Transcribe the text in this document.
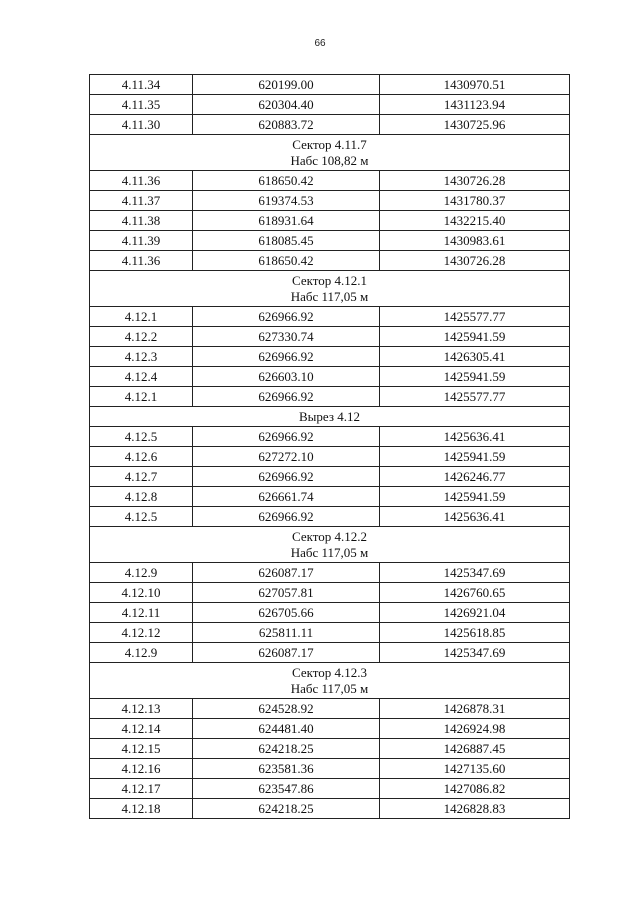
66
4.11.34	620199.00	1430970.51
4.11.35	620304.40	1431123.94
4.11.30	620883.72	1430725.96

Сектор 4.11.7
Набс 108,82 м		

4.11.36	618650.42	1430726.28
4.11.37	619374.53	1431780.37
4.11.38	618931.64	1432215.40
4.11.39	618085.45	1430983.61
4.11.36	618650.42	1430726.28

Сектор 4.12.1
Набс 117,05 м		

4.12.1	626966.92	1425577.77
4.12.2	627330.74	1425941.59
4.12.3	626966.92	1426305.41
4.12.4	626603.10	1425941.59
4.12.1	626966.92	1425577.77
Вырез 4.12		
4.12.5	626966.92	1425636.41
4.12.6	627272.10	1425941.59
4.12.7	626966.92	1426246.77
4.12.8	626661.74	1425941.59
4.12.5	626966.92	1425636.41

Сектор 4.12.2
Набс 117,05 м		

4.12.9	626087.17	1425347.69
4.12.10	627057.81	1426760.65
4.12.11	626705.66	1426921.04
4.12.12	625811.11	1425618.85
4.12.9	626087.17	1425347.69

Сектор 4.12.3
Набс 117,05 м		

4.12.13	624528.92	1426878.31
4.12.14	624481.40	1426924.98
4.12.15	624218.25	1426887.45
4.12.16	623581.36	1427135.60
4.12.17	623547.86	1427086.82
4.12.18	624218.25	1426828.83
